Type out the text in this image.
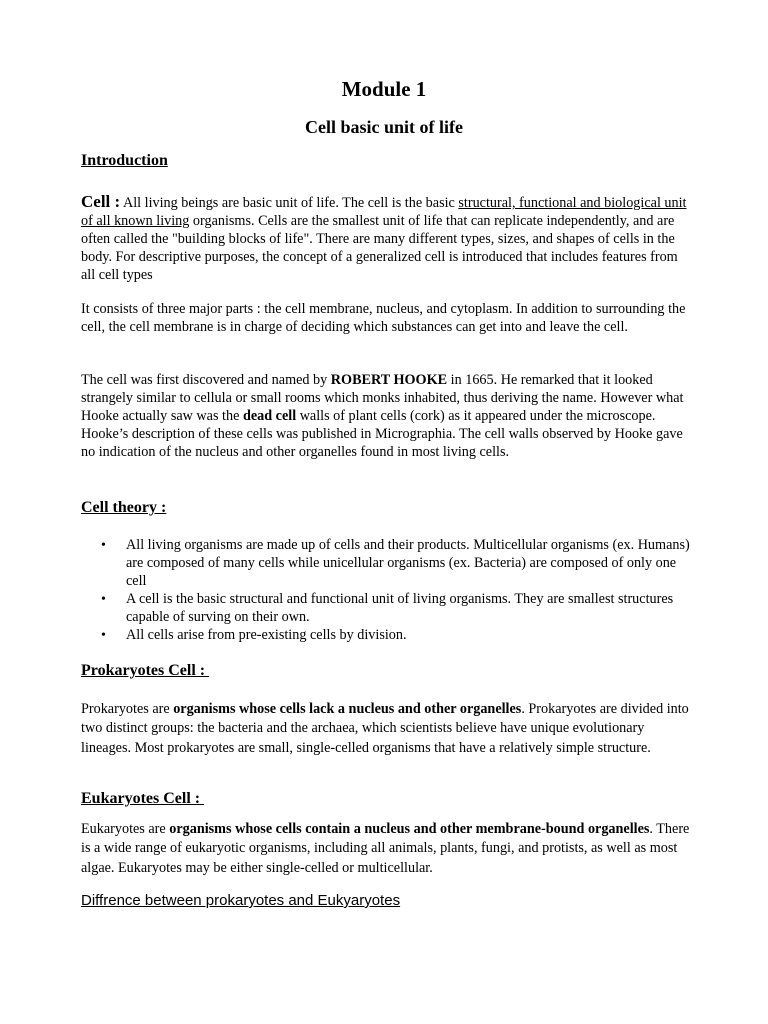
Module 1
Cell basic unit of life
Introduction
Cell : All living beings are basic unit of life. The cell is the basic structural, functional and biological unit of all known living organisms. Cells are the smallest unit of life that can replicate independently, and are often called the "building blocks of life". There are many different types, sizes, and shapes of cells in the body. For descriptive purposes, the concept of a generalized cell is introduced that includes features from all cell types
It consists of three major parts : the cell membrane, nucleus, and cytoplasm. In addition to surrounding the cell, the cell membrane is in charge of deciding which substances can get into and leave the cell.
The cell was first discovered and named by ROBERT HOOKE in 1665. He remarked that it looked strangely similar to cellula or small rooms which monks inhabited, thus deriving the name. However what Hooke actually saw was the dead cell walls of plant cells (cork) as it appeared under the microscope. Hooke’s description of these cells was published in Micrographia. The cell walls observed by Hooke gave no indication of the nucleus and other organelles found in most living cells.
Cell theory :
• All living organisms are made up of cells and their products. Multicellular organisms (ex. Humans) are composed of many cells while unicellular organisms (ex. Bacteria) are composed of only one cell
• A cell is the basic structural and functional unit of living organisms. They are smallest structures capable of surving on their own.
• All cells arise from pre-existing cells by division.
Prokaryotes Cell :
Prokaryotes are organisms whose cells lack a nucleus and other organelles. Prokaryotes are divided into two distinct groups: the bacteria and the archaea, which scientists believe have unique evolutionary lineages. Most prokaryotes are small, single-celled organisms that have a relatively simple structure.
Eukaryotes Cell :
Eukaryotes are organisms whose cells contain a nucleus and other membrane-bound organelles. There is a wide range of eukaryotic organisms, including all animals, plants, fungi, and protists, as well as most algae. Eukaryotes may be either single-celled or multicellular.
Diffrence between prokaryotes and Eukyaryotes
